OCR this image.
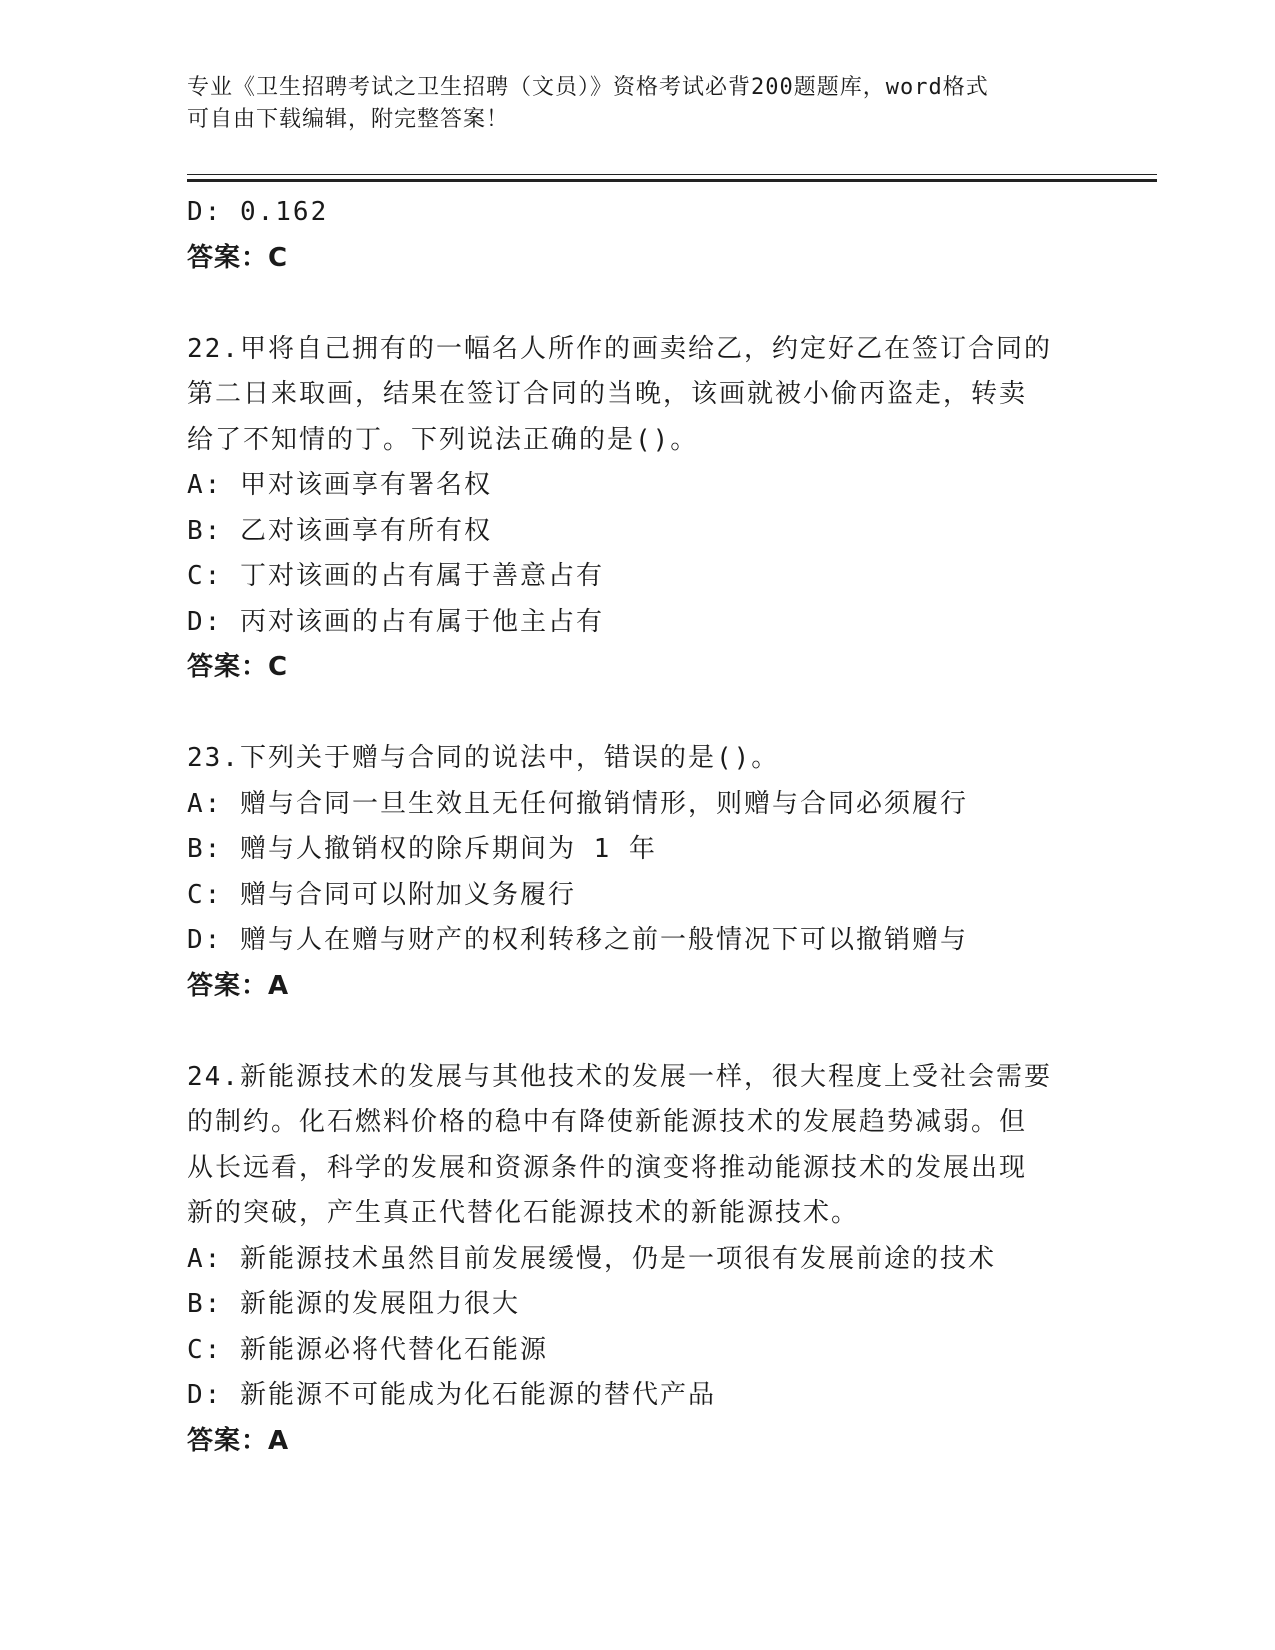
专业《卫生招聘考试之卫生招聘（文员）》资格考试必背200题题库，word格式
可自由下载编辑，附完整答案！
D: 0.162
答案：C
22.甲将自己拥有的一幅名人所作的画卖给乙，约定好乙在签订合同的
第二日来取画，结果在签订合同的当晚，该画就被小偷丙盗走，转卖
给了不知情的丁。下列说法正确的是()。
A: 甲对该画享有署名权
B: 乙对该画享有所有权
C: 丁对该画的占有属于善意占有
D: 丙对该画的占有属于他主占有
答案：C
23.下列关于赠与合同的说法中，错误的是()。
A: 赠与合同一旦生效且无任何撤销情形，则赠与合同必须履行
B: 赠与人撤销权的除斥期间为 1 年
C: 赠与合同可以附加义务履行
D: 赠与人在赠与财产的权利转移之前一般情况下可以撤销赠与
答案：A
24.新能源技术的发展与其他技术的发展一样，很大程度上受社会需要
的制约。化石燃料价格的稳中有降使新能源技术的发展趋势减弱。但
从长远看，科学的发展和资源条件的演变将推动能源技术的发展出现
新的突破，产生真正代替化石能源技术的新能源技术。
A: 新能源技术虽然目前发展缓慢，仍是一项很有发展前途的技术
B: 新能源的发展阻力很大
C: 新能源必将代替化石能源
D: 新能源不可能成为化石能源的替代产品
答案：A
